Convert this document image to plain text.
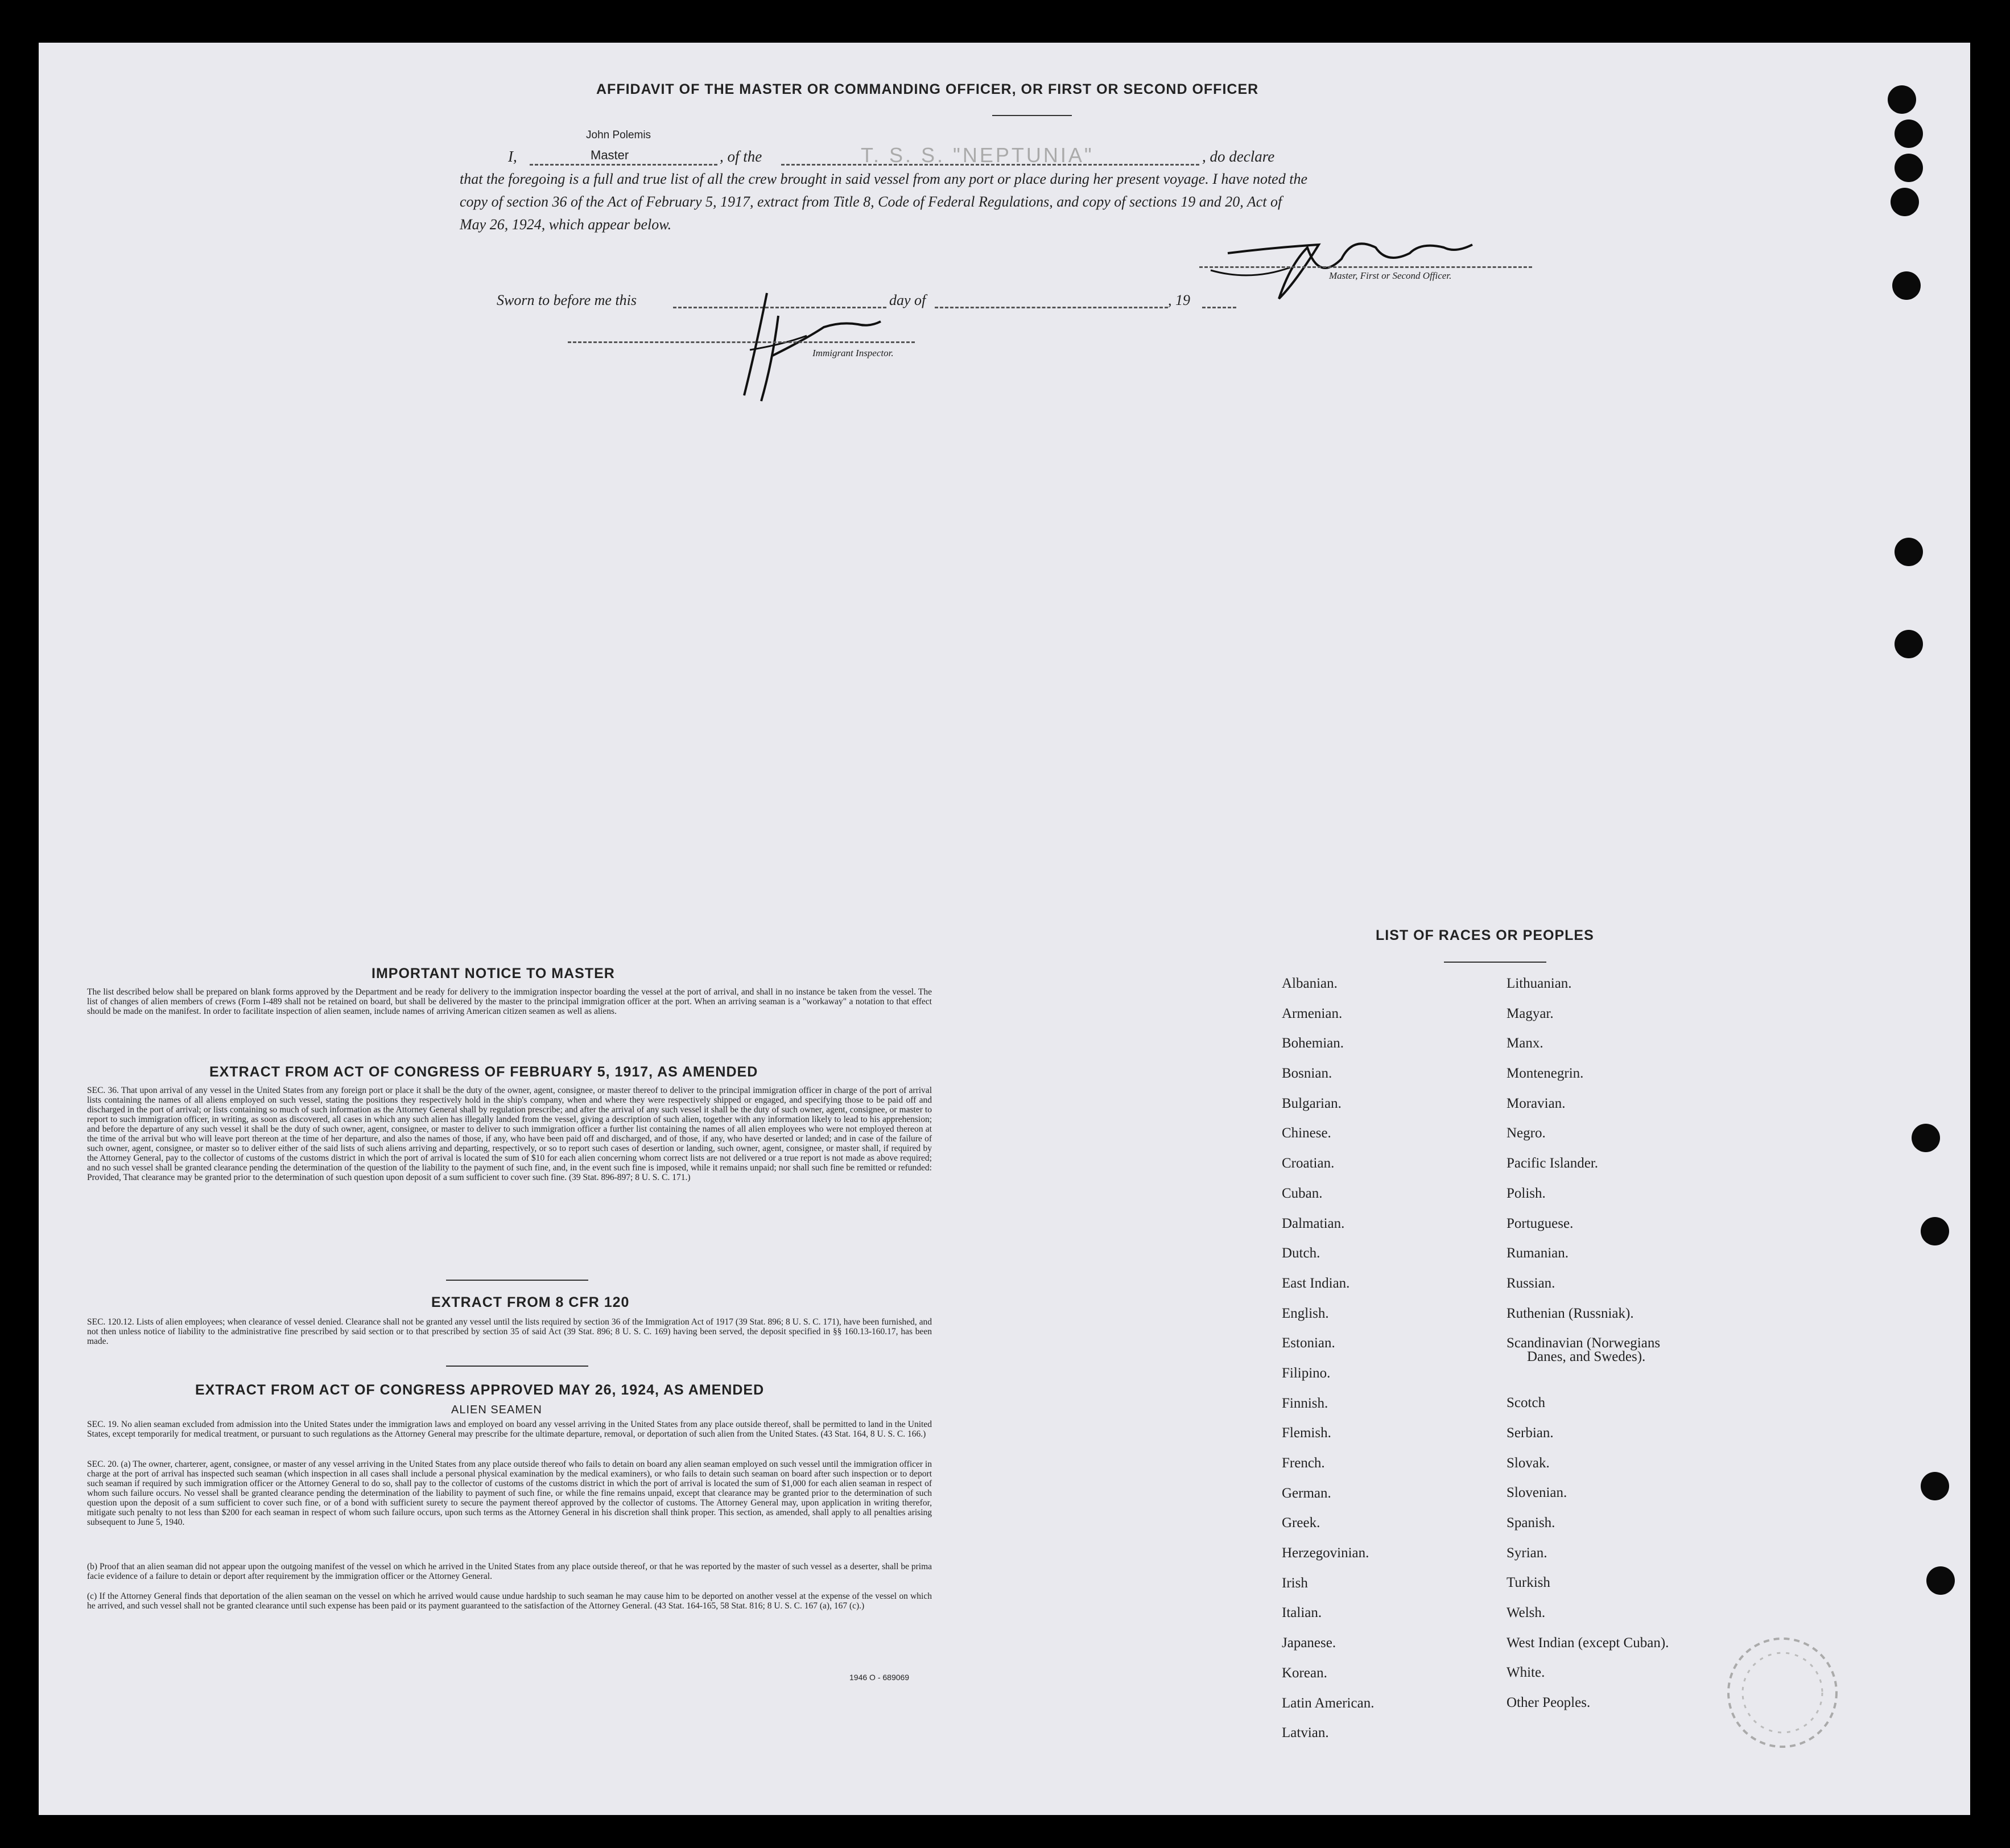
AFFIDAVIT OF THE MASTER OR COMMANDING OFFICER, OR FIRST OR SECOND OFFICER
John Polemis
I,	Master	, of the	T. S. S. "NEPTUNIA"	, do declare
that the foregoing is a full and true list of all the crew brought in said vessel from any port or place during her present voyage. I have noted the
copy of section 36 of the Act of February 5, 1917, extract from Title 8, Code of Federal Regulations, and copy of sections 19 and 20, Act of
May 26, 1924, which appear below.
Master, First or Second Officer.
Sworn to before me this	day of	, 19
Immigrant Inspector.
IMPORTANT NOTICE TO MASTER
The list described below shall be prepared on blank forms approved by the Department and be ready for delivery to the immigration inspector boarding the vessel at the port of arrival, and shall in no instance be taken from the vessel. The list of changes of alien members of crews (Form I-489 shall not be retained on board, but shall be delivered by the master to the principal immigration officer at the port. When an arriving seaman is a "workaway" a notation to that effect should be made on the manifest. In order to facilitate inspection of alien seamen, include names of arriving American citizen seamen as well as aliens.
EXTRACT FROM ACT OF CONGRESS OF FEBRUARY 5, 1917, AS AMENDED
SEC. 36. That upon arrival of any vessel in the United States from any foreign port or place it shall be the duty of the owner, agent, consignee, or master thereof to deliver to the principal immigration officer in charge of the port of arrival lists containing the names of all aliens employed on such vessel, stating the positions they respectively hold in the ship's company, when and where they were respectively shipped or engaged, and specifying those to be paid off and discharged in the port of arrival; or lists containing so much of such information as the Attorney General shall by regulation prescribe; and after the arrival of any such vessel it shall be the duty of such owner, agent, consignee, or master to report to such immigration officer, in writing, as soon as discovered, all cases in which any such alien has illegally landed from the vessel, giving a description of such alien, together with any information likely to lead to his apprehension; and before the departure of any such vessel it shall be the duty of such owner, agent, consignee, or master to deliver to such immigration officer a further list containing the names of all alien employees who were not employed thereon at the time of the arrival but who will leave port thereon at the time of her departure, and also the names of those, if any, who have been paid off and discharged, and of those, if any, who have deserted or landed; and in case of the failure of such owner, agent, consignee, or master so to deliver either of the said lists of such aliens arriving and departing, respectively, or so to report such cases of desertion or landing, such owner, agent, consignee, or master shall, if required by the Attorney General, pay to the collector of customs of the customs district in which the port of arrival is located the sum of $10 for each alien concerning whom correct lists are not delivered or a true report is not made as above required; and no such vessel shall be granted clearance pending the determination of the question of the liability to the payment of such fine, and, in the event such fine is imposed, while it remains unpaid; nor shall such fine be remitted or refunded: Provided, That clearance may be granted prior to the determination of such question upon deposit of a sum sufficient to cover such fine. (39 Stat. 896-897; 8 U. S. C. 171.)
EXTRACT FROM 8 CFR 120
SEC. 120.12. Lists of alien employees; when clearance of vessel denied. Clearance shall not be granted any vessel until the lists required by section 36 of the Immigration Act of 1917 (39 Stat. 896; 8 U. S. C. 171), have been furnished, and not then unless notice of liability to the administrative fine prescribed by said section or to that prescribed by section 35 of said Act (39 Stat. 896; 8 U. S. C. 169) having been served, the deposit specified in §§ 160.13-160.17, has been made.
EXTRACT FROM ACT OF CONGRESS APPROVED MAY 26, 1924, AS AMENDED
ALIEN SEAMEN
SEC. 19. No alien seaman excluded from admission into the United States under the immigration laws and employed on board any vessel arriving in the United States from any place outside thereof, shall be permitted to land in the United States, except temporarily for medical treatment, or pursuant to such regulations as the Attorney General may prescribe for the ultimate departure, removal, or deportation of such alien from the United States. (43 Stat. 164, 8 U. S. C. 166.)
SEC. 20. (a) The owner, charterer, agent, consignee, or master of any vessel arriving in the United States from any place outside thereof who fails to detain on board any alien seaman employed on such vessel until the immigration officer in charge at the port of arrival has inspected such seaman (which inspection in all cases shall include a personal physical examination by the medical examiners), or who fails to detain such seaman on board after such inspection or to deport such seaman if required by such immigration officer or the Attorney General to do so, shall pay to the collector of customs of the customs district in which the port of arrival is located the sum of $1,000 for each alien seaman in respect of whom such failure occurs. No vessel shall be granted clearance pending the determination of the liability to payment of such fine, or while the fine remains unpaid, except that clearance may be granted prior to the determination of such question upon the deposit of a sum sufficient to cover such fine, or of a bond with sufficient surety to secure the payment thereof approved by the collector of customs. The Attorney General may, upon application in writing therefor, mitigate such penalty to not less than $200 for each seaman in respect of whom such failure occurs, upon such terms as the Attorney General in his discretion shall think proper. This section, as amended, shall apply to all penalties arising subsequent to June 5, 1940.
(b) Proof that an alien seaman did not appear upon the outgoing manifest of the vessel on which he arrived in the United States from any place outside thereof, or that he was reported by the master of such vessel as a deserter, shall be prima facie evidence of a failure to detain or deport after requirement by the immigration officer or the Attorney General.
(c) If the Attorney General finds that deportation of the alien seaman on the vessel on which he arrived would cause undue hardship to such seaman he may cause him to be deported on another vessel at the expense of the vessel on which he arrived, and such vessel shall not be granted clearance until such expense has been paid or its payment guaranteed to the satisfaction of the Attorney General. (43 Stat. 164-165, 58 Stat. 816; 8 U. S. C. 167 (a), 167 (c).)
1946 O - 689069
LIST OF RACES OR PEOPLES
Albanian.
Armenian.
Bohemian.
Bosnian.
Bulgarian.
Chinese.
Croatian.
Cuban.
Dalmatian.
Dutch.
East Indian.
English.
Estonian.
Filipino.
Finnish.
Flemish.
French.
German.
Greek.
Herzegovinian.
Irish
Italian.
Japanese.
Korean.
Latin American.
Latvian.
Lithuanian.
Magyar.
Manx.
Montenegrin.
Moravian.
Negro.
Pacific Islander.
Polish.
Portuguese.
Rumanian.
Russian.
Ruthenian (Russniak).
Scandinavian (Norwegians
Danes, and Swedes).
Scotch
Serbian.
Slovak.
Slovenian.
Spanish.
Syrian.
Turkish
Welsh.
West Indian (except Cuban).
White.
Other Peoples.
